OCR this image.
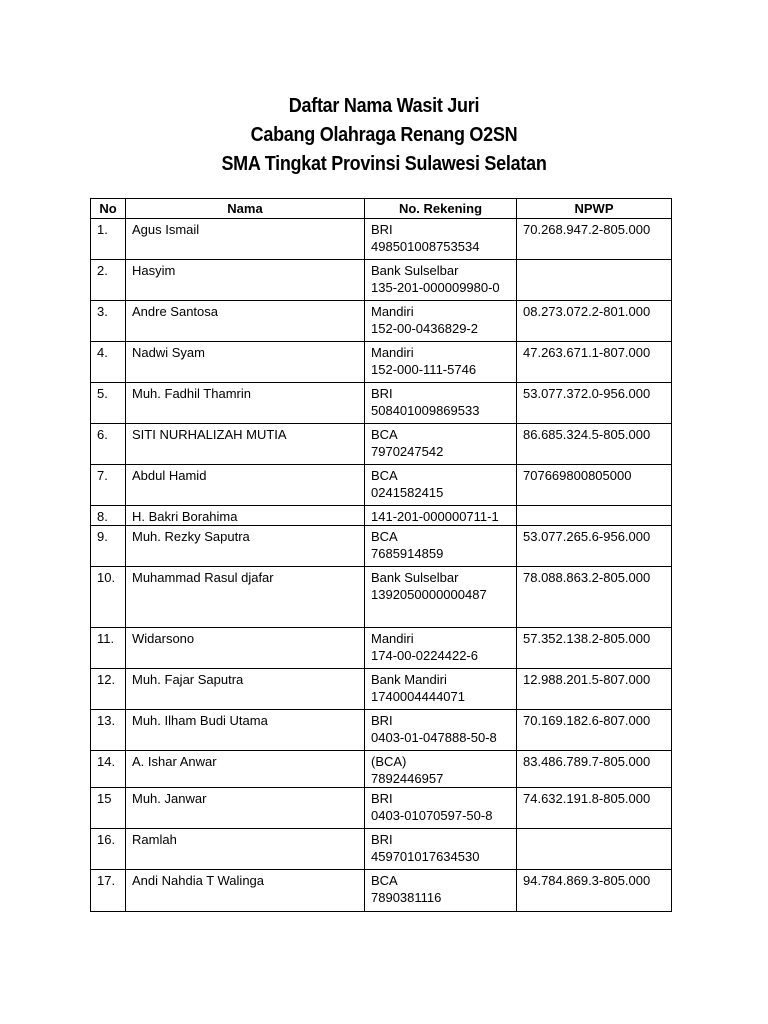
Daftar Nama Wasit Juri
Cabang Olahraga Renang O2SN
SMA Tingkat Provinsi Sulawesi Selatan
No	Nama	No. Rekening	NPWP

1.	Agus Ismail	BRI
498501008753534	70.268.947.2-805.000

2.	Hasyim	Bank Sulselbar
135-201-000009980-0	

3.	Andre Santosa	Mandiri
152-00-0436829-2	08.273.072.2-801.000

4.	Nadwi Syam	Mandiri
152-000-111-5746	47.263.671.1-807.000

5.	Muh. Fadhil Thamrin	BRI
508401009869533	53.077.372.0-956.000

6.	SITI NURHALIZAH MUTIA	BCA
7970247542	86.685.324.5-805.000

7.	Abdul Hamid	BCA
0241582415	707669800805000

8.	H. Bakri Borahima	141-201-000000711-1	

9.	Muh. Rezky Saputra	BCA
7685914859	53.077.265.6-956.000

10.	Muhammad Rasul djafar	Bank Sulselbar
1392050000000487	78.088.863.2-805.000

11.	Widarsono	Mandiri
174-00-0224422-6	57.352.138.2-805.000

12.	Muh. Fajar Saputra	Bank Mandiri
1740004444071	12.988.201.5-807.000

13.	Muh. Ilham Budi Utama	BRI
0403-01-047888-50-8	70.169.182.6-807.000

14.	A. Ishar Anwar	(BCA)
7892446957	83.486.789.7-805.000

15	Muh. Janwar	BRI
0403-01070597-50-8	74.632.191.8-805.000

16.	Ramlah	BRI
459701017634530	

17.	Andi Nahdia T Walinga	BCA
7890381116	94.784.869.3-805.000
